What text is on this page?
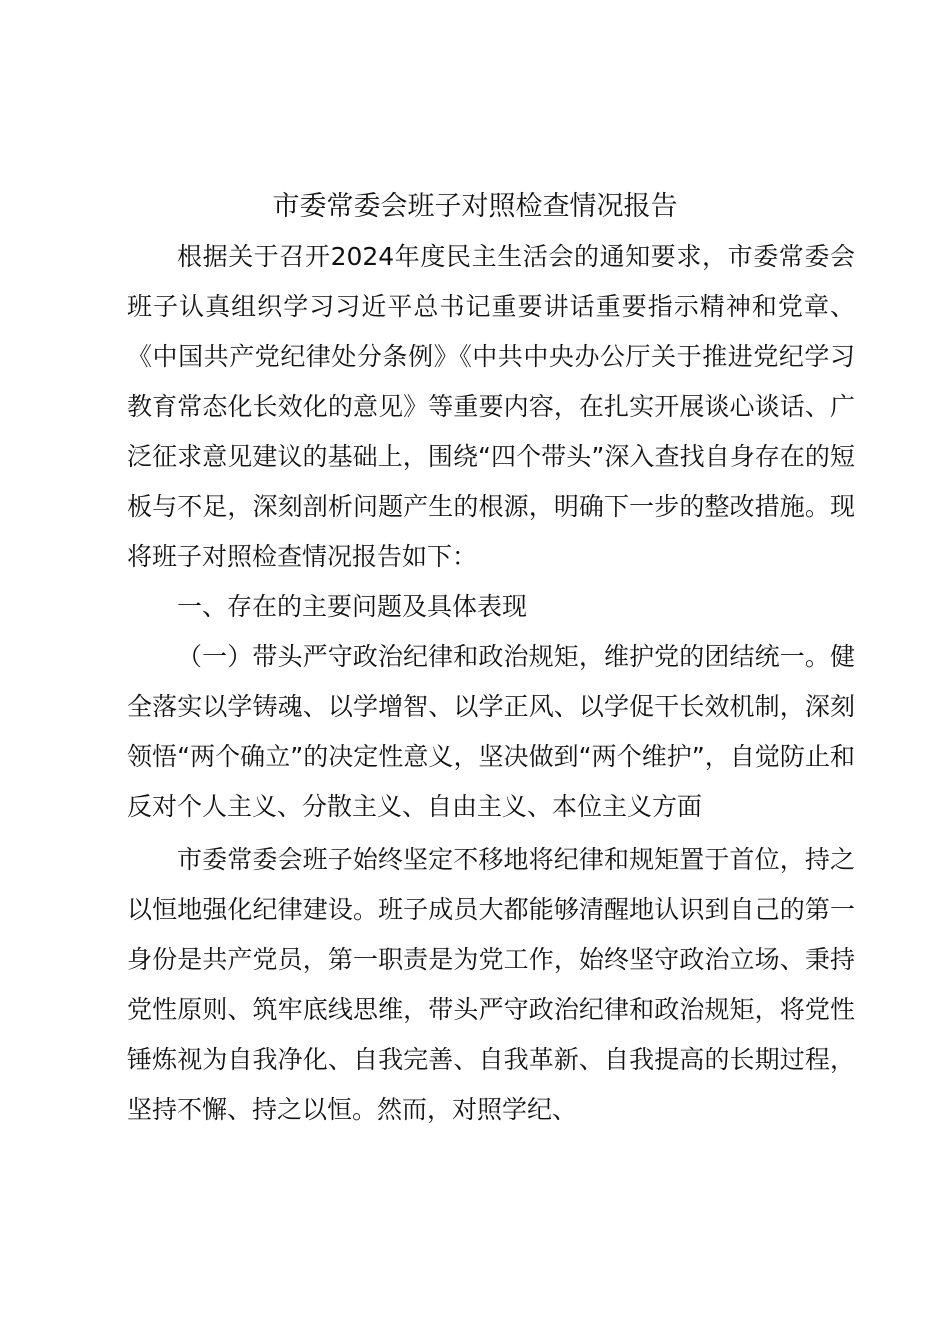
市委常委会班子对照检查情况报告

根据关于召开2024年度民主生活会的通知要求，市委常委会班子认真组织学习习近平总书记重要讲话重要指示精神和党章、《中国共产党纪律处分条例》《中共中央办公厅关于推进党纪学习教育常态化长效化的意见》等重要内容，在扎实开展谈心谈话、广泛征求意见建议的基础上，围绕“四个带头”深入查找自身存在的短板与不足，深刻剖析问题产生的根源，明确下一步的整改措施。现将班子对照检查情况报告如下：

一、存在的主要问题及具体表现

（一）带头严守政治纪律和政治规矩，维护党的团结统一。健全落实以学铸魂、以学增智、以学正风、以学促干长效机制，深刻领悟“两个确立”的决定性意义，坚决做到“两个维护”，自觉防止和反对个人主义、分散主义、自由主义、本位主义方面

市委常委会班子始终坚定不移地将纪律和规矩置于首位，持之以恒地强化纪律建设。班子成员大都能够清醒地认识到自己的第一身份是共产党员，第一职责是为党工作，始终坚守政治立场、秉持党性原则、筑牢底线思维，带头严守政治纪律和政治规矩，将党性锤炼视为自我净化、自我完善、自我革新、自我提高的长期过程，坚持不懈、持之以恒。然而，对照学纪、
